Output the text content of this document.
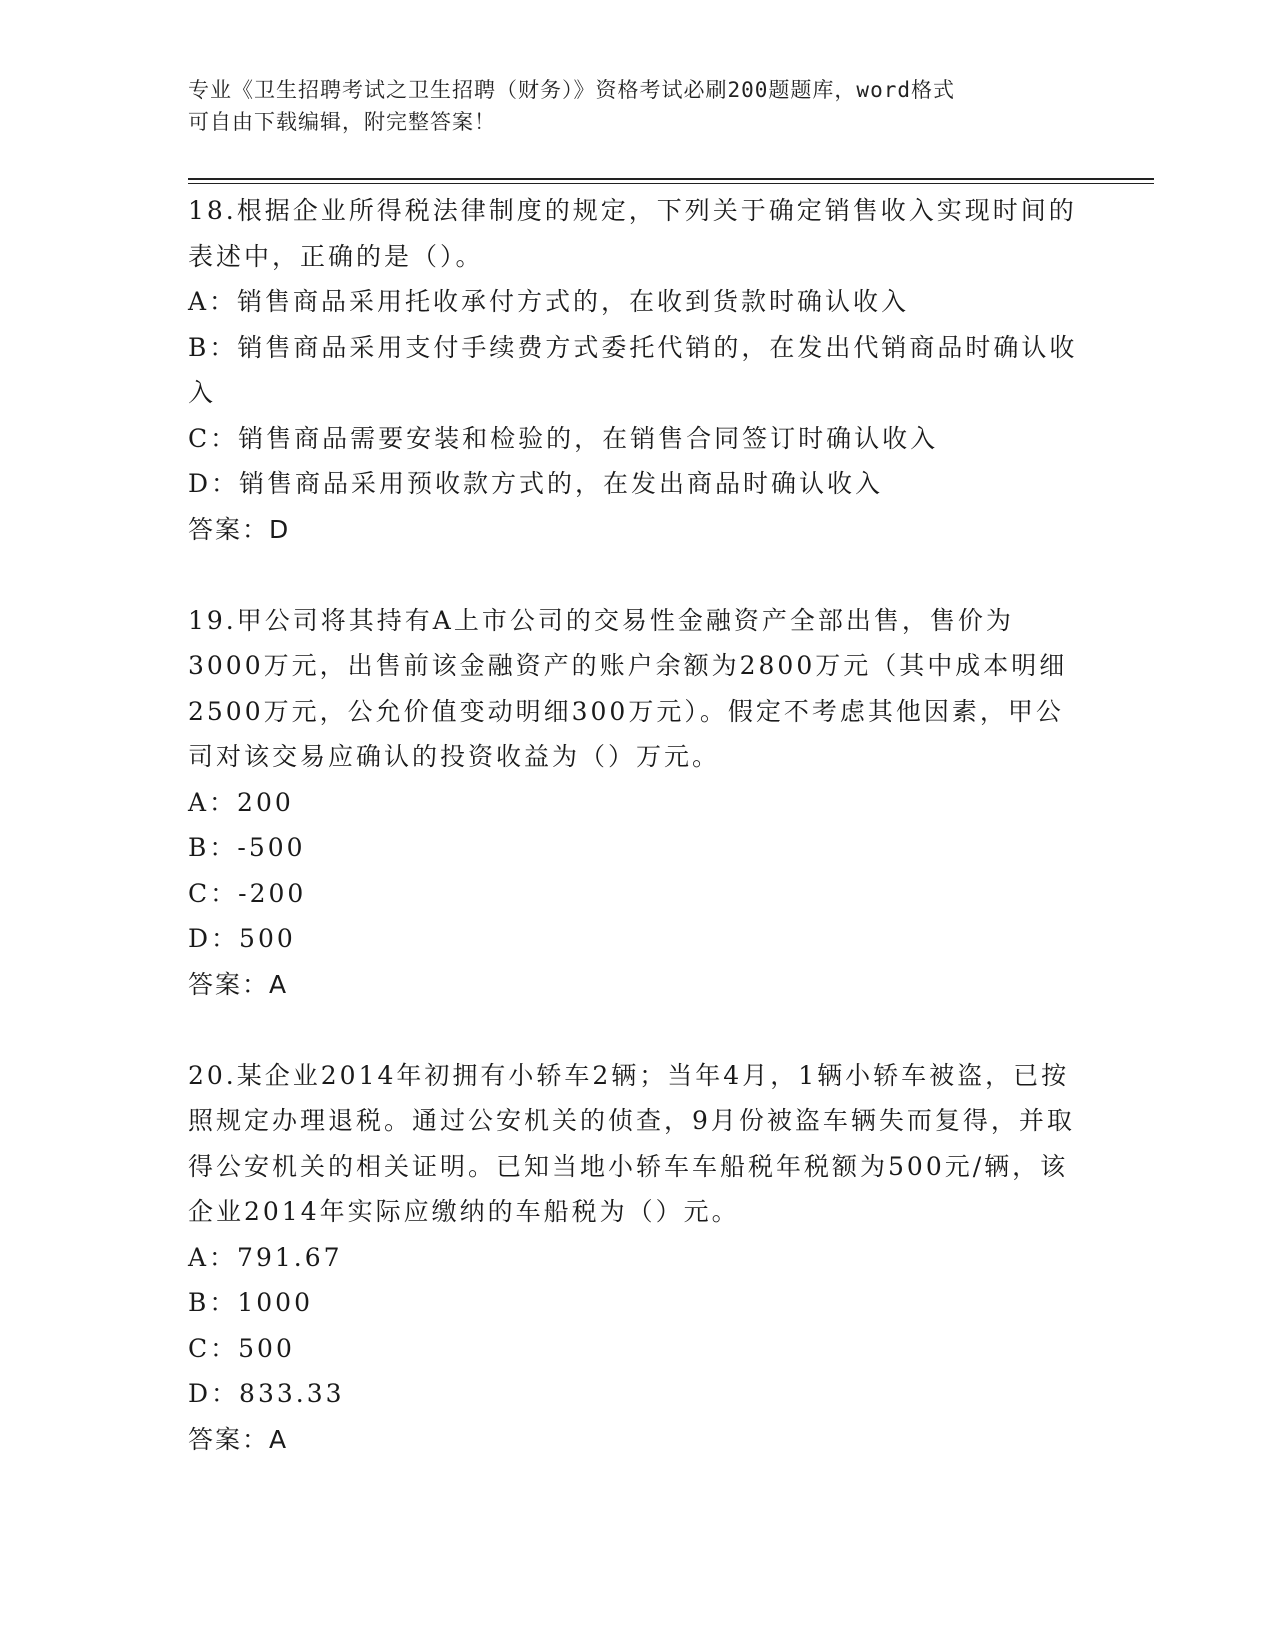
专业《卫生招聘考试之卫生招聘（财务）》资格考试必刷200题题库，word格式
可自由下载编辑，附完整答案！

18.根据企业所得税法律制度的规定，下列关于确定销售收入实现时间的表述中，正确的是（）。

A：销售商品采用托收承付方式的，在收到货款时确认收入

B：销售商品采用支付手续费方式委托代销的，在发出代销商品时确认收入

C：销售商品需要安装和检验的，在销售合同签订时确认收入

D：销售商品采用预收款方式的，在发出商品时确认收入

答案：D

19.甲公司将其持有A上市公司的交易性金融资产全部出售，售价为3000万元，出售前该金融资产的账户余额为2800万元（其中成本明细2500万元，公允价值变动明细300万元）。假定不考虑其他因素，甲公司对该交易应确认的投资收益为（）万元。

A：200

B：-500

C：-200

D：500

答案：A

20.某企业2014年初拥有小轿车2辆；当年4月，1辆小轿车被盗，已按照规定办理退税。通过公安机关的侦查，9月份被盗车辆失而复得，并取得公安机关的相关证明。已知当地小轿车车船税年税额为500元/辆，该企业2014年实际应缴纳的车船税为（）元。

A：791.67

B：1000

C：500

D：833.33

答案：A
